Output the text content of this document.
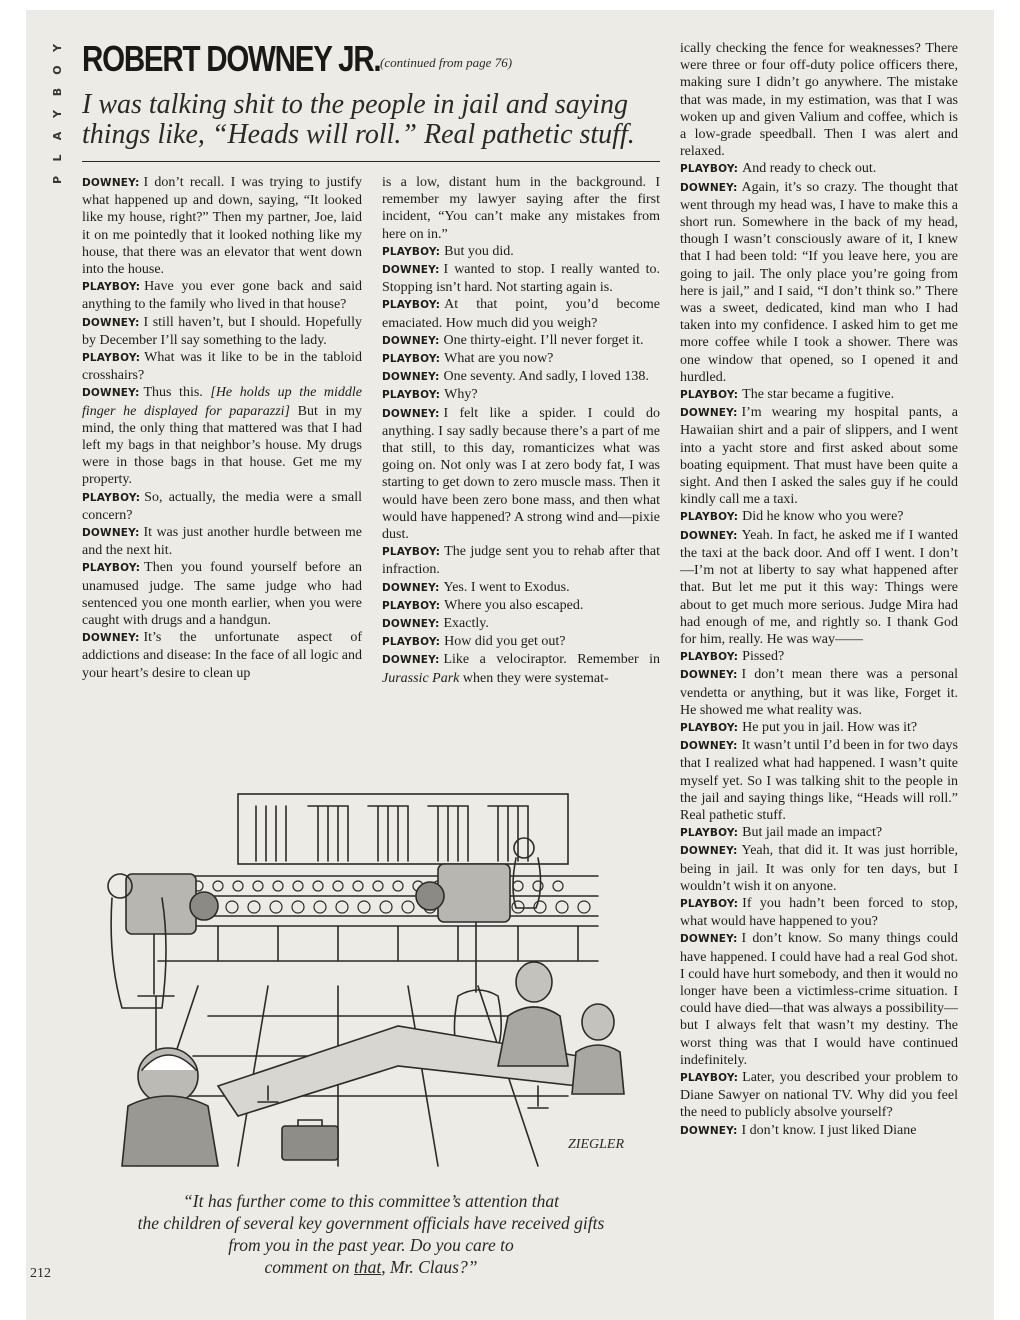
Y
O
B
Y
A
L
P
ROBERT DOWNEY JR. (continued from page 76)
I was talking shit to the people in jail and saying things like, “Heads will roll.” Real pathetic stuff.

DOWNEY: I don’t recall. I was trying to justify what happened up and down, saying, “It looked like my house, right?” Then my partner, Joe, laid it on me pointedly that it looked nothing like my house, that there was an elevator that went down into the house.

PLAYBOY: Have you ever gone back and said anything to the family who lived in that house?

DOWNEY: I still haven’t, but I should. Hopefully by December I’ll say something to the lady.

PLAYBOY: What was it like to be in the tabloid crosshairs?

DOWNEY: Thus this. [He holds up the middle finger he displayed for paparazzi] But in my mind, the only thing that mattered was that I had left my bags in that neighbor’s house. My drugs were in those bags in that house. Get me my property.

PLAYBOY: So, actually, the media were a small concern?

DOWNEY: It was just another hurdle between me and the next hit.

PLAYBOY: Then you found yourself before an unamused judge. The same judge who had sentenced you one month earlier, when you were caught with drugs and a handgun.

DOWNEY: It’s the unfortunate aspect of addictions and disease: In the face of all logic and your heart’s desire to clean up

is a low, distant hum in the background. I remember my lawyer saying after the first incident, “You can’t make any mistakes from here on in.”

PLAYBOY: But you did.

DOWNEY: I wanted to stop. I really wanted to. Stopping isn’t hard. Not starting again is.

PLAYBOY: At that point, you’d become emaciated. How much did you weigh?

DOWNEY: One thirty-eight. I’ll never forget it.

PLAYBOY: What are you now?

DOWNEY: One seventy. And sadly, I loved 138.

PLAYBOY: Why?

DOWNEY: I felt like a spider. I could do anything. I say sadly because there’s a part of me that still, to this day, romanticizes what was going on. Not only was I at zero body fat, I was starting to get down to zero muscle mass. Then it would have been zero bone mass, and then what would have happened? A strong wind and—pixie dust.

PLAYBOY: The judge sent you to rehab after that infraction.

DOWNEY: Yes. I went to Exodus.

PLAYBOY: Where you also escaped.

DOWNEY: Exactly.

PLAYBOY: How did you get out?

DOWNEY: Like a velociraptor. Remember in Jurassic Park when they were systemat-

ically checking the fence for weaknesses? There were three or four off-duty police officers there, making sure I didn’t go anywhere. The mistake that was made, in my estimation, was that I was woken up and given Valium and coffee, which is a low-grade speedball. Then I was alert and relaxed.

PLAYBOY: And ready to check out.

DOWNEY: Again, it’s so crazy. The thought that went through my head was, I have to make this a short run. Somewhere in the back of my head, though I wasn’t consciously aware of it, I knew that I had been told: “If you leave here, you are going to jail. The only place you’re going from here is jail,” and I said, “I don’t think so.” There was a sweet, dedicated, kind man who I had taken into my confidence. I asked him to get me more coffee while I took a shower. There was one window that opened, so I opened it and hurdled.

PLAYBOY: The star became a fugitive.

DOWNEY: I’m wearing my hospital pants, a Hawaiian shirt and a pair of slippers, and I went into a yacht store and first asked about some boating equipment. That must have been quite a sight. And then I asked the sales guy if he could kindly call me a taxi.

PLAYBOY: Did he know who you were?

DOWNEY: Yeah. In fact, he asked me if I wanted the taxi at the back door. And off I went. I don’t—I’m not at liberty to say what happened after that. But let me put it this way: Things were about to get much more serious. Judge Mira had had enough of me, and rightly so. I thank God for him, really. He was way——

PLAYBOY: Pissed?

DOWNEY: I don’t mean there was a personal vendetta or anything, but it was like, Forget it. He showed me what reality was.

PLAYBOY: He put you in jail. How was it?

DOWNEY: It wasn’t until I’d been in for two days that I realized what had happened. I wasn’t quite myself yet. So I was talking shit to the people in the jail and saying things like, “Heads will roll.” Real pathetic stuff.

PLAYBOY: But jail made an impact?

DOWNEY: Yeah, that did it. It was just horrible, being in jail. It was only for ten days, but I wouldn’t wish it on anyone.

PLAYBOY: If you hadn’t been forced to stop, what would have happened to you?

DOWNEY: I don’t know. So many things could have happened. I could have had a real God shot. I could have hurt somebody, and then it would no longer have been a victimless-crime situation. I could have died—that was always a possibility—but I always felt that wasn’t my destiny. The worst thing was that I would have continued indefinitely.

PLAYBOY: Later, you described your problem to Diane Sawyer on national TV. Why did you feel the need to publicly absolve yourself?

DOWNEY: I don’t know. I just liked Diane

ZIEGLER
“It has further come to this committee’s attention that
the children of several key government officials have received gifts
from you in the past year. Do you care to
comment on that, Mr. Claus?”
212
